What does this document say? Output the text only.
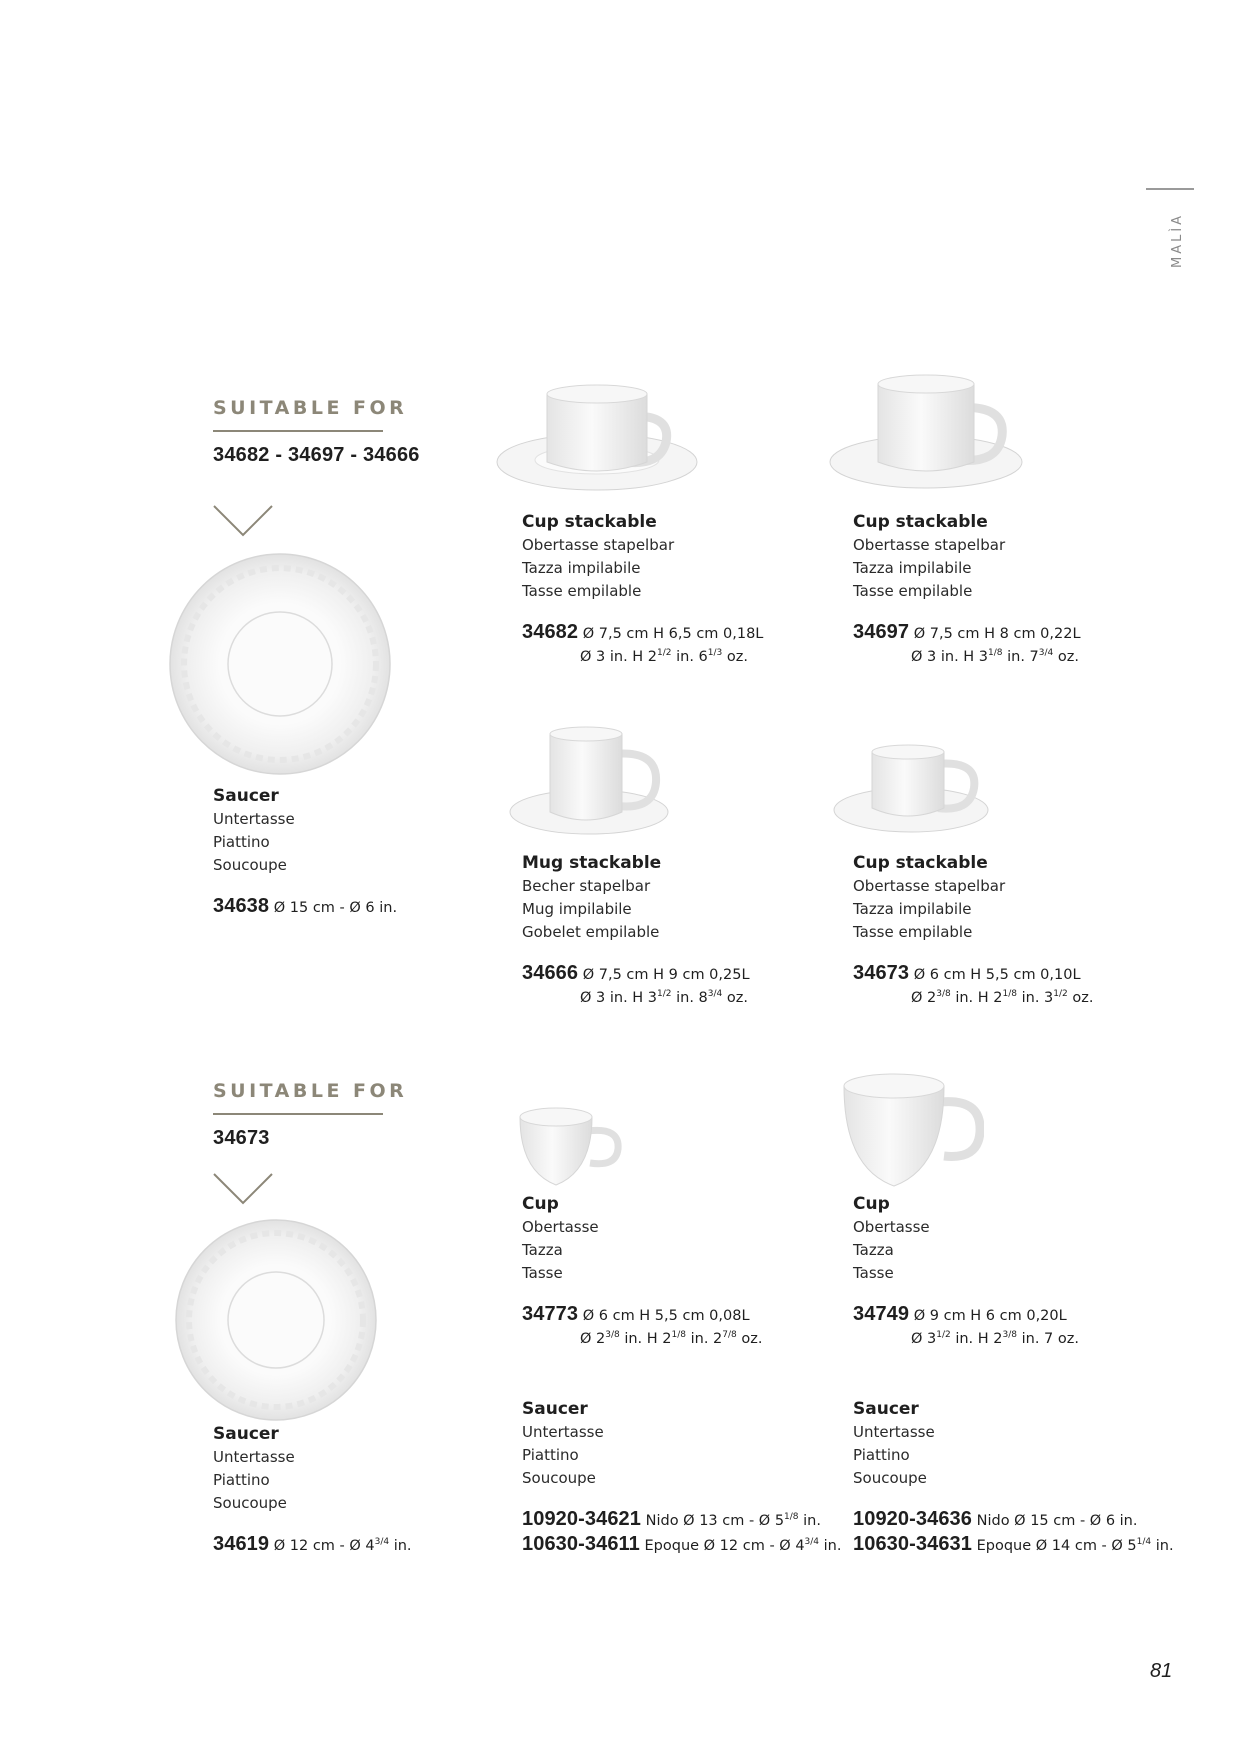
MALÌA
SUITABLE FOR
34682 - 34697 - 34666
Saucer
Untertasse
Piattino
Soucoupe
34638 Ø 15 cm - Ø 6 in.
Cup stackable
Obertasse stapelbar
Tazza impilabile
Tasse empilable
34682 Ø 7,5 cm H 6,5 cm 0,18L
Ø 3 in. H $2^{1/2}$ in. $6^{1/3}$ oz.
Cup stackable
Obertasse stapelbar
Tazza impilabile
Tasse empilable
34697 Ø 7,5 cm H 8 cm 0,22L
Ø 3 in. H $3^{1/8}$ in. $7^{3/4}$ oz.
Mug stackable
Becher stapelbar
Mug impilabile
Gobelet empilable
34666 Ø 7,5 cm H 9 cm 0,25L
Ø 3 in. H $3^{1/2}$ in. $8^{3/4}$ oz.
Cup stackable
Obertasse stapelbar
Tazza impilabile
Tasse empilable
34673 Ø 6 cm H 5,5 cm 0,10L
Ø $2^{3/8}$ in. H $2^{1/8}$ in. $3^{1/2}$ oz.
SUITABLE FOR
34673
Saucer
Untertasse
Piattino
Soucoupe
34619 Ø 12 cm - Ø $4^{3/4}$ in.
Cup
Obertasse
Tazza
Tasse
34773 Ø 6 cm H 5,5 cm 0,08L
Ø $2^{3/8}$ in. H $2^{1/8}$ in. $2^{7/8}$ oz.
Cup
Obertasse
Tazza
Tasse
34749 Ø 9 cm H 6 cm 0,20L
Ø $3^{1/2}$ in. H $2^{3/8}$ in. 7 oz.
Saucer
Untertasse
Piattino
Soucoupe
10920-34621 Nido Ø 13 cm - Ø $5^{1/8}$ in.
10630-34611 Epoque Ø 12 cm - Ø $4^{3/4}$ in.
Saucer
Untertasse
Piattino
Soucoupe
10920-34636 Nido Ø 15 cm - Ø 6 in.
10630-34631 Epoque Ø 14 cm - Ø $5^{1/4}$ in.
81
